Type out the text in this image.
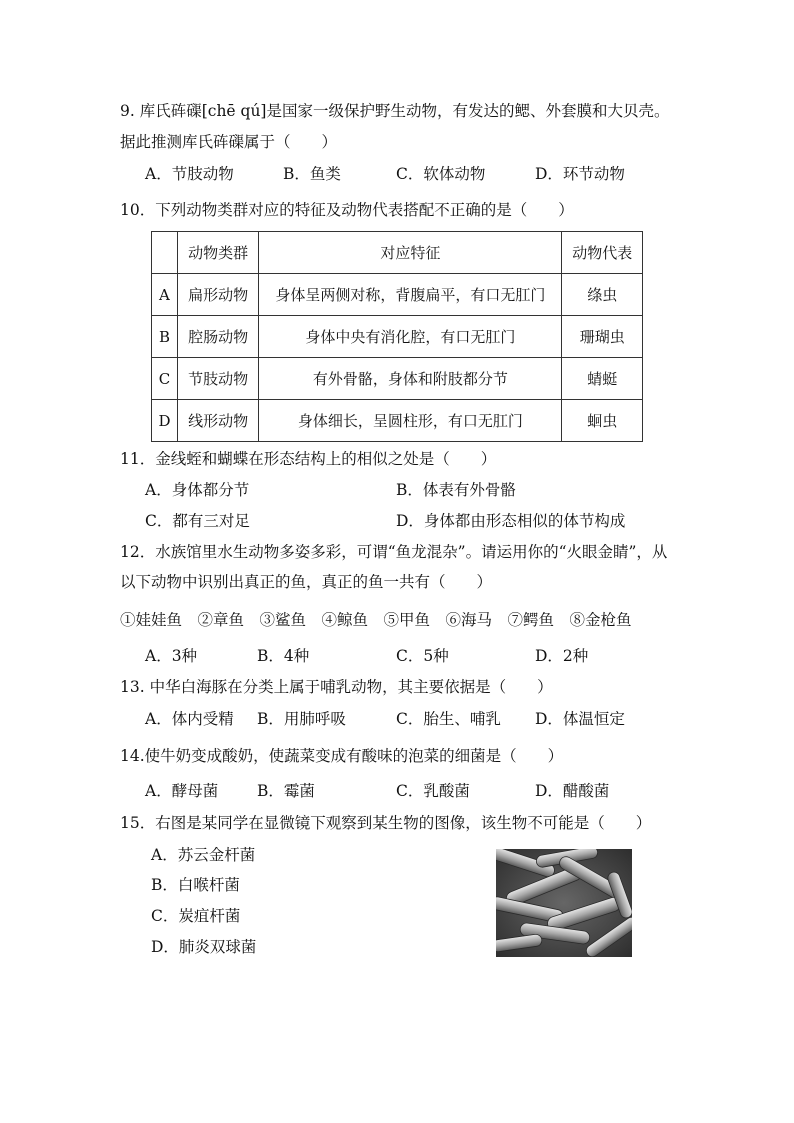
9. 库氏砗磲[chē qú]是国家一级保护野生动物，有发达的鳃、外套膜和大贝壳。
据此推测库氏砗磲属于（　　）
A．节肢动物	B．鱼类	C．软体动物	D．环节动物
10．下列动物类群对应的特征及动物代表搭配不正确的是（　　）
	动物类群	对应特征	动物代表
A	扁形动物	身体呈两侧对称，背腹扁平，有口无肛门	绦虫
B	腔肠动物	身体中央有消化腔，有口无肛门	珊瑚虫
C	节肢动物	有外骨骼，身体和附肢都分节	蜻蜓
D	线形动物	身体细长，呈圆柱形，有口无肛门	蛔虫
11．金线蛭和蝴蝶在形态结构上的相似之处是（　　）
A．身体都分节	B．体表有外骨骼
C．都有三对足	D．身体都由形态相似的体节构成
12．水族馆里水生动物多姿多彩，可谓“鱼龙混杂”。请运用你的“火眼金睛”，从
以下动物中识别出真正的鱼，真正的鱼一共有（　　）
①娃娃鱼　②章鱼　③鲨鱼　④鲸鱼　⑤甲鱼　⑥海马　⑦鳄鱼　⑧金枪鱼
A．3种	B．4种	C．5种	D．2种
13. 中华白海豚在分类上属于哺乳动物，其主要依据是（　　）
A．体内受精 B．用肺呼吸	C．胎生、哺乳 D．体温恒定
14.使牛奶变成酸奶，使蔬菜变成有酸味的泡菜的细菌是（　　）
A．酵母菌	B．霉菌	C．乳酸菌	D．醋酸菌
15．右图是某同学在显微镜下观察到某生物的图像，该生物不可能是（　　）
A．苏云金杆菌
B．白喉杆菌
C．炭疽杆菌
D．肺炎双球菌
